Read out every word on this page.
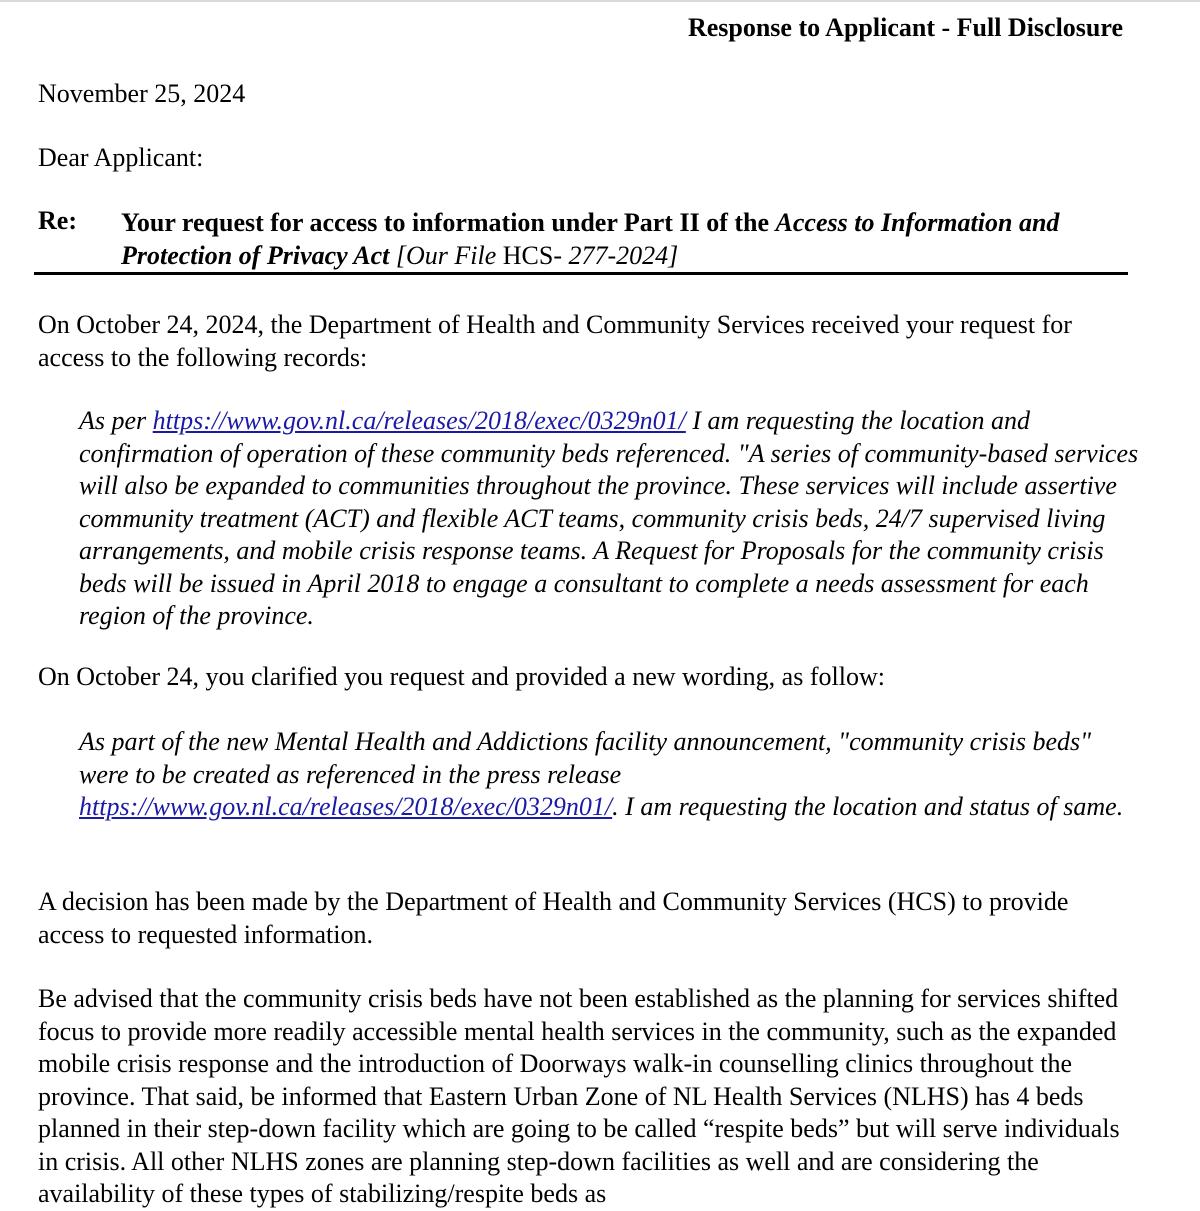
Response to Applicant - Full Disclosure
November 25, 2024
Dear Applicant:
Re: Your request for access to information under Part II of the Access to Information and Protection of Privacy Act [Our File HCS- 277-2024]
On October 24, 2024, the Department of Health and Community Services received your request for access to the following records:
As per https://www.gov.nl.ca/releases/2018/exec/0329n01/ I am requesting the location and confirmation of operation of these community beds referenced. "A series of community-based services will also be expanded to communities throughout the province. These services will include assertive community treatment (ACT) and flexible ACT teams, community crisis beds, 24/7 supervised living arrangements, and mobile crisis response teams. A Request for Proposals for the community crisis beds will be issued in April 2018 to engage a consultant to complete a needs assessment for each region of the province.
On October 24, you clarified you request and provided a new wording, as follow:
As part of the new Mental Health and Addictions facility announcement, "community crisis beds" were to be created as referenced in the press release https://www.gov.nl.ca/releases/2018/exec/0329n01/. I am requesting the location and status of same.
A decision has been made by the Department of Health and Community Services (HCS) to provide access to requested information.
Be advised that the community crisis beds have not been established as the planning for services shifted focus to provide more readily accessible mental health services in the community, such as the expanded mobile crisis response and the introduction of Doorways walk-in counselling clinics throughout the province. That said, be informed that Eastern Urban Zone of NL Health Services (NLHS) has 4 beds planned in their step-down facility which are going to be called “respite beds” but will serve individuals in crisis. All other NLHS zones are planning step-down facilities as well and are considering the availability of these types of stabilizing/respite beds as
